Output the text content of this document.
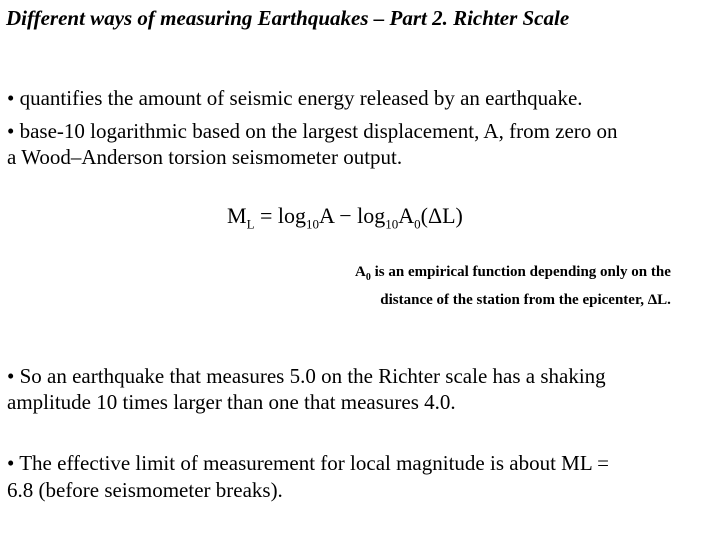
Different ways of measuring Earthquakes – Part 2. Richter Scale
• quantifies the amount of seismic energy released by an earthquake.
• base-10 logarithmic based on the largest displacement, A, from zero on
a Wood–Anderson torsion seismometer output.
$M_L = \log_{10}A - \log_{10}A_0(\Delta L)$
$A_0$ is an empirical function depending only on the
distance of the station from the epicenter, ΔL.
• So an earthquake that measures 5.0 on the Richter scale has a shaking
amplitude 10 times larger than one that measures 4.0.
• The effective limit of measurement for local magnitude is about ML =
6.8 (before seismometer breaks).
